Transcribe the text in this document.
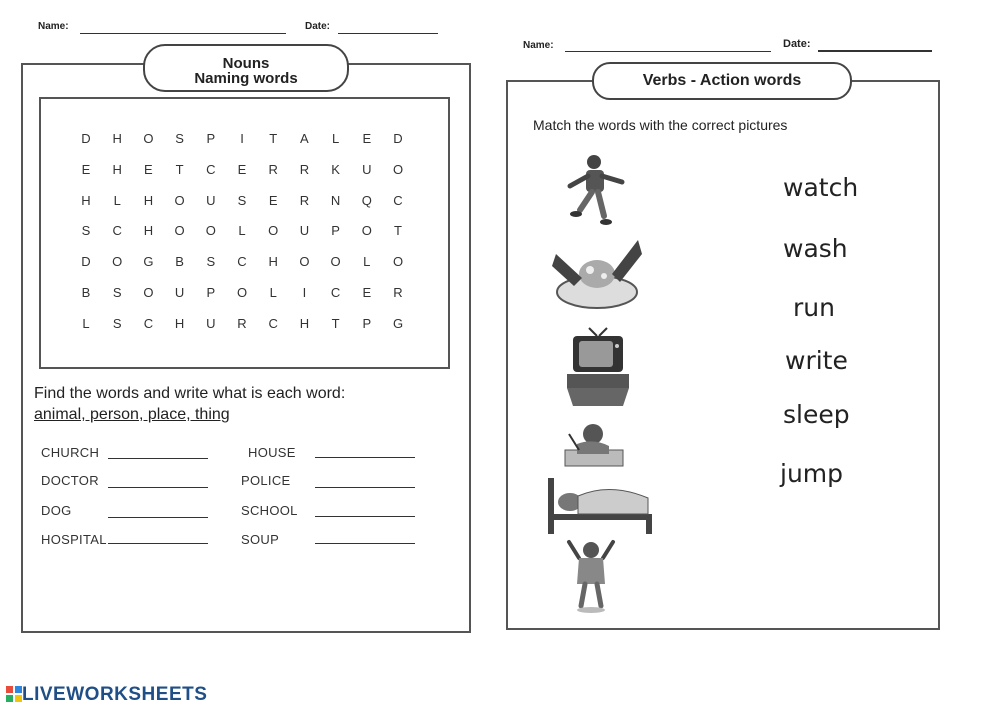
Name:	Date:
Nouns
Naming words
D H O S P	I	T	A	L	E D
E H E	T	C E R R K U O
H	L	H O U S E R N Q C
S C H O O	L	O U P O	T
D O G B S C H O O	L	O
B S O U P O	L	I	C E R
L	S C H U R C H	T	P G
Find the words and write what is each word:
animal, person, place, thing
CHURCH
DOCTOR
DOG
HOSPITAL
HOUSE
POLICE
SCHOOL
SOUP
Name:	Date:
Verbs - Action words
Match the words with the correct pictures
watch
wash
run
write
sleep
jump
LIVEWORKSHEETS
